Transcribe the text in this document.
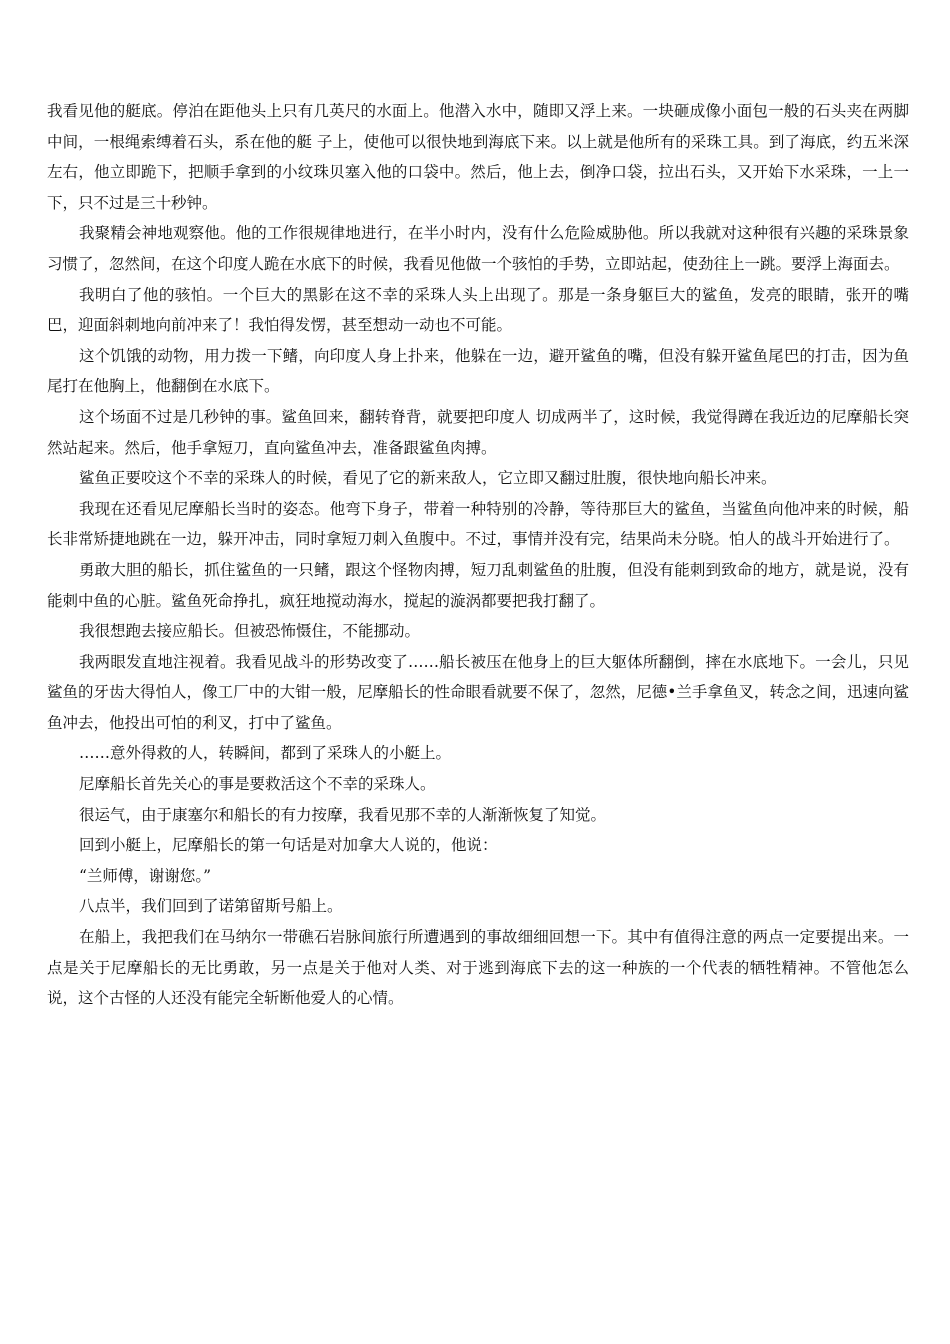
我看见他的艇底。停泊在距他头上只有几英尺的水面上。他潜入水中，随即又浮上来。一块砸成像小面包一般的石头夹在两脚中间，一根绳索缚着石头，系在他的艇 子上，使他可以很快地到海底下来。以上就是他所有的采珠工具。到了海底，约五米深左右，他立即跪下，把顺手拿到的小纹珠贝塞入他的口袋中。然后，他上去，倒净口袋，拉出石头，又开始下水采珠，一上一下，只不过是三十秒钟。

我聚精会神地观察他。他的工作很规律地进行，在半小时内，没有什么危险威胁他。所以我就对这种很有兴趣的采珠景象习惯了，忽然间，在这个印度人跪在水底下的时候，我看见他做一个骇怕的手势，立即站起，使劲往上一跳。要浮上海面去。

我明白了他的骇怕。一个巨大的黑影在这不幸的采珠人头上出现了。那是一条身躯巨大的鲨鱼，发亮的眼睛，张开的嘴巴，迎面斜刺地向前冲来了！我怕得发愣，甚至想动一动也不可能。

这个饥饿的动物，用力拨一下鳍，向印度人身上扑来，他躲在一边，避开鲨鱼的嘴，但没有躲开鲨鱼尾巴的打击，因为鱼尾打在他胸上，他翻倒在水底下。

这个场面不过是几秒钟的事。鲨鱼回来，翻转脊背，就要把印度人 切成两半了，这时候，我觉得蹲在我近边的尼摩船长突然站起来。然后，他手拿短刀，直向鲨鱼冲去，准备跟鲨鱼肉搏。

鲨鱼正要咬这个不幸的采珠人的时候，看见了它的新来敌人，它立即又翻过肚腹，很快地向船长冲来。

我现在还看见尼摩船长当时的姿态。他弯下身子，带着一种特别的冷静，等待那巨大的鲨鱼，当鲨鱼向他冲来的时候，船长非常矫捷地跳在一边，躲开冲击，同时拿短刀刺入鱼腹中。不过，事情并没有完，结果尚未分晓。怕人的战斗开始进行了。

勇敢大胆的船长，抓住鲨鱼的一只鳍，跟这个怪物肉搏，短刀乱刺鲨鱼的肚腹，但没有能刺到致命的地方，就是说，没有能刺中鱼的心脏。鲨鱼死命挣扎，疯狂地搅动海水，搅起的漩涡都要把我打翻了。

我很想跑去接应船长。但被恐怖慑住，不能挪动。

我两眼发直地注视着。我看见战斗的形势改变了……船长被压在他身上的巨大躯体所翻倒，摔在水底地下。一会儿，只见鲨鱼的牙齿大得怕人，像工厂中的大钳一般，尼摩船长的性命眼看就要不保了，忽然，尼德•兰手拿鱼叉，转念之间，迅速向鲨鱼冲去，他投出可怕的利叉，打中了鲨鱼。

……意外得救的人，转瞬间，都到了采珠人的小艇上。

尼摩船长首先关心的事是要救活这个不幸的采珠人。

很运气，由于康塞尔和船长的有力按摩，我看见那不幸的人渐渐恢复了知觉。

回到小艇上，尼摩船长的第一句话是对加拿大人说的，他说：

“兰师傅，谢谢您。”

八点半，我们回到了诺第留斯号船上。

在船上，我把我们在马纳尔一带礁石岩脉间旅行所遭遇到的事故细细回想一下。其中有值得注意的两点一定要提出来。一点是关于尼摩船长的无比勇敢，另一点是关于他对人类、对于逃到海底下去的这一种族的一个代表的牺牲精神。不管他怎么说，这个古怪的人还没有能完全斩断他爱人的心情。
